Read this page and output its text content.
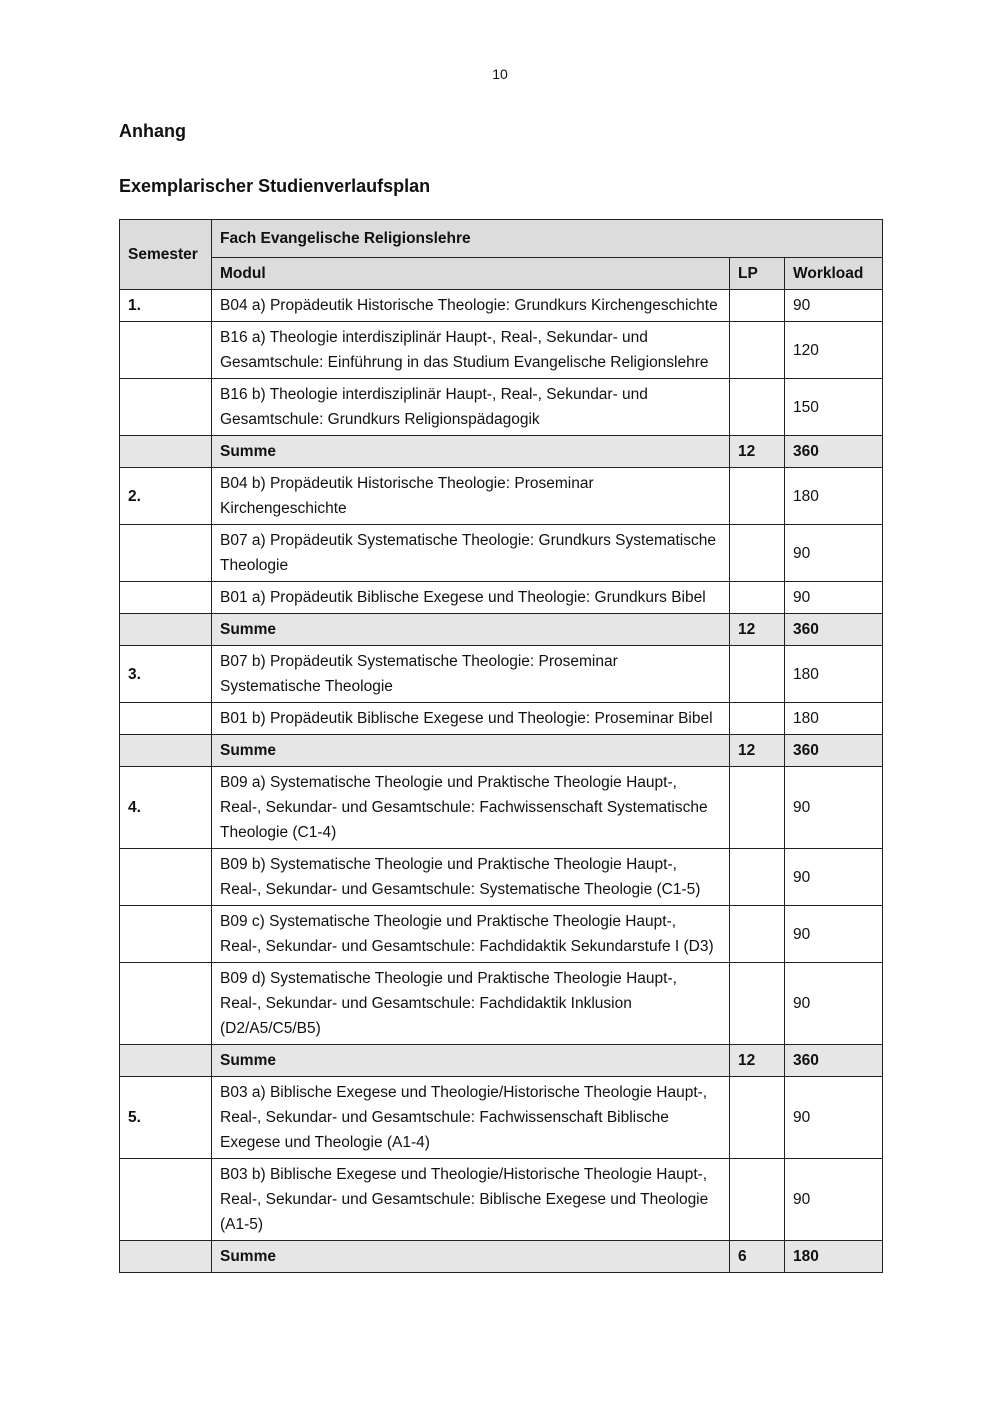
10
Anhang
Exemplarischer Studienverlaufsplan
Semester	Fach Evangelische Religionslehre		
	Modul	LP	Workload
1.	B04 a) Propädeutik Historische Theologie: Grundkurs Kirchengeschichte		90
	B16 a) Theologie interdisziplinär Haupt-, Real-, Sekundar- und Gesamtschule: Einführung in das Studium Evangelische Religionslehre		120
	B16 b) Theologie interdisziplinär Haupt-, Real-, Sekundar- und Gesamtschule: Grundkurs Religionspädagogik		150
	Summe	12	360
2.	B04 b) Propädeutik Historische Theologie: Proseminar Kirchengeschichte		180
	B07 a) Propädeutik Systematische Theologie: Grundkurs Systematische Theologie		90
	B01 a) Propädeutik Biblische Exegese und Theologie: Grundkurs Bibel		90
	Summe	12	360
3.	B07 b) Propädeutik Systematische Theologie: Proseminar Systematische Theologie		180
	B01 b) Propädeutik Biblische Exegese und Theologie: Proseminar Bibel		180
	Summe	12	360
4.	B09 a) Systematische Theologie und Praktische Theologie Haupt-, Real-, Sekundar- und Gesamtschule: Fachwissenschaft Systematische Theologie (C1-4)		90
	B09 b) Systematische Theologie und Praktische Theologie Haupt-, Real-, Sekundar- und Gesamtschule: Systematische Theologie (C1-5)		90
	B09 c) Systematische Theologie und Praktische Theologie Haupt-, Real-, Sekundar- und Gesamtschule: Fachdidaktik Sekundarstufe I (D3)		90
	B09 d) Systematische Theologie und Praktische Theologie Haupt-, Real-, Sekundar- und Gesamtschule: Fachdidaktik Inklusion (D2/A5/C5/B5)		90
	Summe	12	360
5.	B03 a) Biblische Exegese und Theologie/Historische Theologie Haupt-, Real-, Sekundar- und Gesamtschule: Fachwissenschaft Biblische Exegese und Theologie (A1-4)		90
	B03 b) Biblische Exegese und Theologie/Historische Theologie Haupt-, Real-, Sekundar- und Gesamtschule: Biblische Exegese und Theologie (A1-5)		90
	Summe	6	180
